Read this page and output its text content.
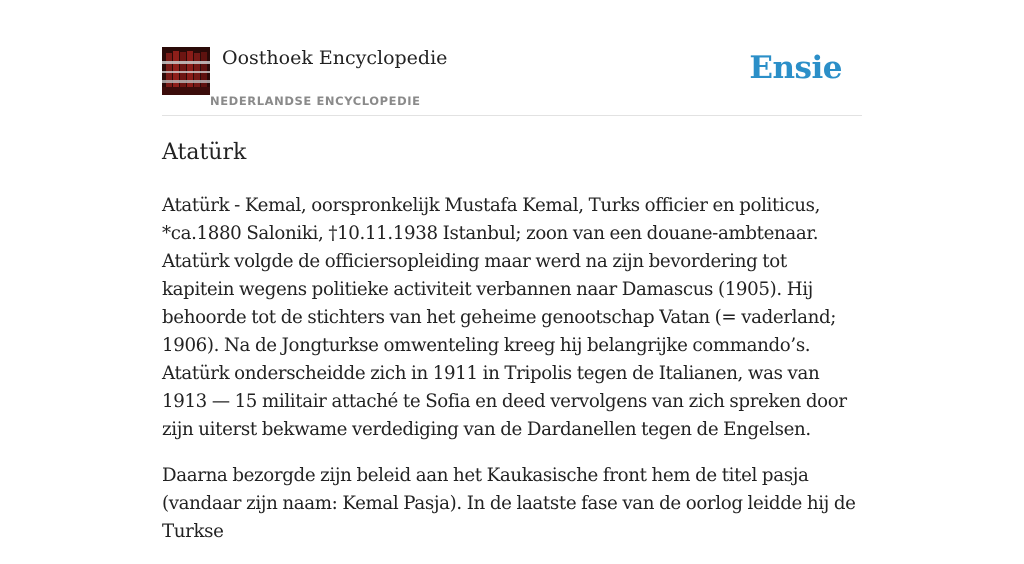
Oosthoek Encyclopedie
NEDERLANDSE ENCYCLOPEDIE
Ensie
Atatürk

Atatürk - Kemal, oorspronkelijk Mustafa Kemal, Turks officier en politicus, *ca.1880 Saloniki, †10.11.1938 Istanbul; zoon van een douane-ambtenaar. Atatürk volgde de officiersopleiding maar werd na zijn bevordering tot kapitein wegens politieke activiteit verbannen naar Damascus (1905). Hij behoorde tot de stichters van het geheime genootschap Vatan (= vaderland; 1906). Na de Jongturkse omwenteling kreeg hij belangrijke commando’s. Atatürk onderscheidde zich in 1911 in Tripolis tegen de Italianen, was van 1913 — 15 militair attaché te Sofia en deed vervolgens van zich spreken door zijn uiterst bekwame verdediging van de Dardanellen tegen de Engelsen.

Daarna bezorgde zijn beleid aan het Kaukasische front hem de titel pasja (vandaar zijn naam: Kemal Pasja). In de laatste fase van de oorlog leidde hij de Turkse
